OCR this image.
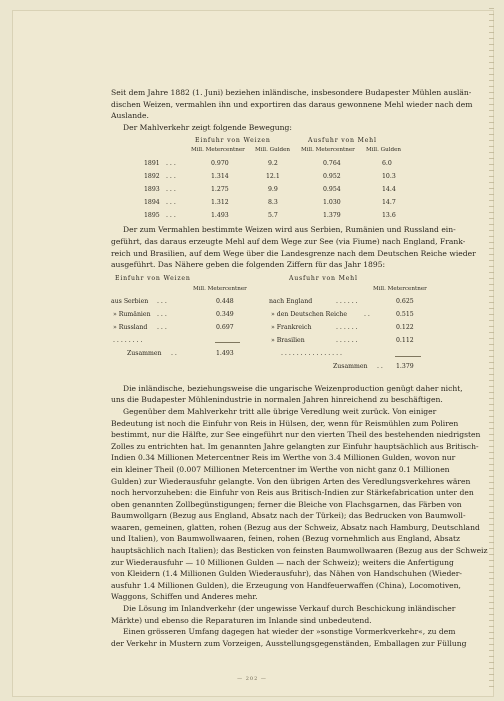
Seit dem Jahre 1882 (1. Juni) beziehen inländische, insbesondere Budapester Mühlen auslän-
dischen Weizen, vermahlen ihn und exportiren das daraus gewonnene Mehl wieder nach dem
Auslande.

Der Mahlverkehr zeigt folgende Bewegung:

Einfuhr von Weizen	Ausfuhr von Mehl
Mill. Metercentner Mill. Gulden Mill. Metercentner Mill. Gulden
1891 . . .	0.970	9.2	0.764	6.0
1892 . . .	1.314	12.1	0.952	10.3
1893 . . .	1.275	9.9	0.954	14.4
1894 . . .	1.312	8.3	1.030	14.7
1895 . . .	1.493	5.7	1.379	13.6

Der zum Vermahlen bestimmte Weizen wird aus Serbien, Rumänien und Russland ein-
geführt, das daraus erzeugte Mehl auf dem Wege zur See (via Fiume) nach England, Frank-
reich und Brasilien, auf dem Wege über die Landesgrenze nach dem Deutschen Reiche wieder
ausgeführt. Das Nähere geben die folgenden Ziffern für das Jahr 1895:

Einfuhr von Weizen	Ausfuhr von Mehl
Mill. Metercentner	Mill. Metercentner
aus Serbien . . .	0.448
» Rumänien . . .	0.349
» Russland . . .	0.697
. . . . . . . .
Zusammen . .	1.493
nach England	. . . . . .	0.625
» den Deutschen Reiche	. .	0.515
» Frankreich	. . . . . .	0.122
» Brasilien	. . . . . .	0.112
. . . . . . . . . . . . . . . .
Zusammen . . 1.379

Die inländische, beziehungsweise die ungarische Weizenproduction genügt daher nicht,
uns die Budapester Mühlenindustrie in normalen Jahren hinreichend zu beschäftigen.

Gegenüber dem Mahlverkehr tritt alle übrige Veredlung weit zurück. Von einiger
Bedeutung ist noch die Einfuhr von Reis in Hülsen, der, wenn für Reismühlen zum Poliren
bestimmt, nur die Hälfte, zur See eingeführt nur den vierten Theil des bestehenden niedrigsten
Zolles zu entrichten hat. Im genannten Jahre gelangten zur Einfuhr hauptsächlich aus Britisch-
Indien 0.34 Millionen Metercentner Reis im Werthe von 3.4 Millionen Gulden, wovon nur
ein kleiner Theil (0.007 Millionen Metercentner im Werthe von nicht ganz 0.1 Millionen
Gulden) zur Wiederausfuhr gelangte. Von den übrigen Arten des Veredlungsverkehres wären
noch hervorzuheben: die Einfuhr von Reis aus Britisch-Indien zur Stärkefabrication unter den
oben genannten Zollbegünstigungen; ferner die Bleiche von Flachsgarnen, das Färben von
Baumwollgarn (Bezug aus England, Absatz nach der Türkei); das Bedrucken von Baumwoll-
waaren, gemeinen, glatten, rohen (Bezug aus der Schweiz, Absatz nach Hamburg, Deutschland
und Italien), von Baumwollwaaren, feinen, rohen (Bezug vornehmlich aus England, Absatz
hauptsächlich nach Italien); das Besticken von feinsten Baumwollwaaren (Bezug aus der Schweiz
zur Wiederausfuhr — 10 Millionen Gulden — nach der Schweiz); weiters die Anfertigung
von Kleidern (1.4 Millionen Gulden Wiederausfuhr), das Nähen von Handschuhen (Wieder-
ausfuhr 1.4 Millionen Gulden), die Erzeugung von Handfeuerwaffen (China), Locomotiven,
Waggons, Schiffen und Anderes mehr.

Die Lösung im Inlandverkehr (der ungewisse Verkauf durch Beschickung inländischer
Märkte) und ebenso die Reparaturen im Inlande sind unbedeutend.
Einen grösseren Umfang dagegen hat wieder der »sonstige Vormerkverkehr«, zu dem
der Verkehr in Mustern zum Vorzeigen, Ausstellungsgegenständen, Emballagen zur Füllung

— 202 —
